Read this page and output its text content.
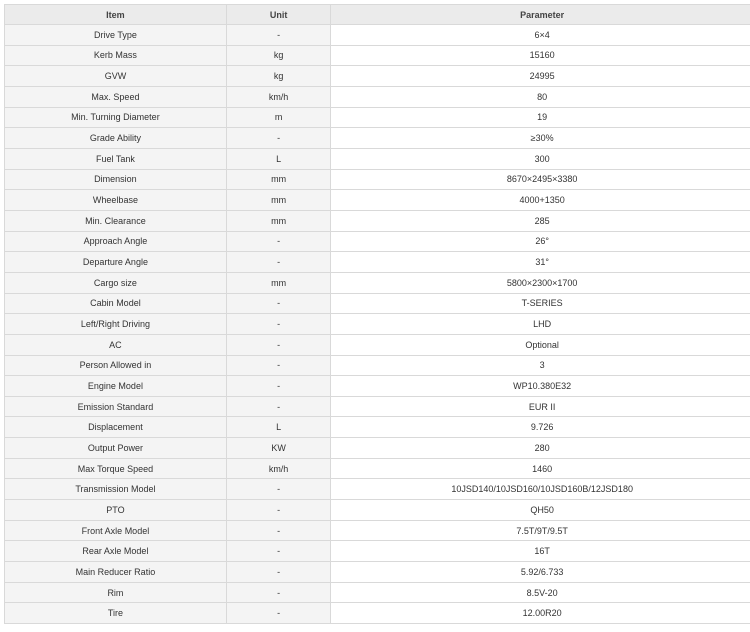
Item	Unit	Parameter
Drive Type	-	6×4
Kerb Mass	kg	15160
GVW	kg	24995
Max. Speed	km/h	80
Min. Turning Diameter	m	19
Grade Ability	-	≥30%
Fuel Tank	L	300
Dimension	mm	8670×2495×3380
Wheelbase	mm	4000+1350
Min. Clearance	mm	285
Approach Angle	-	26°
Departure Angle	-	31°
Cargo size	mm	5800×2300×1700
Cabin Model	-	T-SERIES
Left/Right Driving	-	LHD
AC	-	Optional
Person Allowed in	-	3
Engine Model	-	WP10.380E32
Emission Standard	-	EUR II
Displacement	L	9.726
Output Power	KW	280
Max Torque Speed	km/h	1460
Transmission Model	-	10JSD140/10JSD160/10JSD160B/12JSD180
PTO	-	QH50
Front Axle Model	-	7.5T/9T/9.5T
Rear Axle Model	-	16T
Main Reducer Ratio	-	5.92/6.733
Rim	-	8.5V-20
Tire	-	12.00R20
